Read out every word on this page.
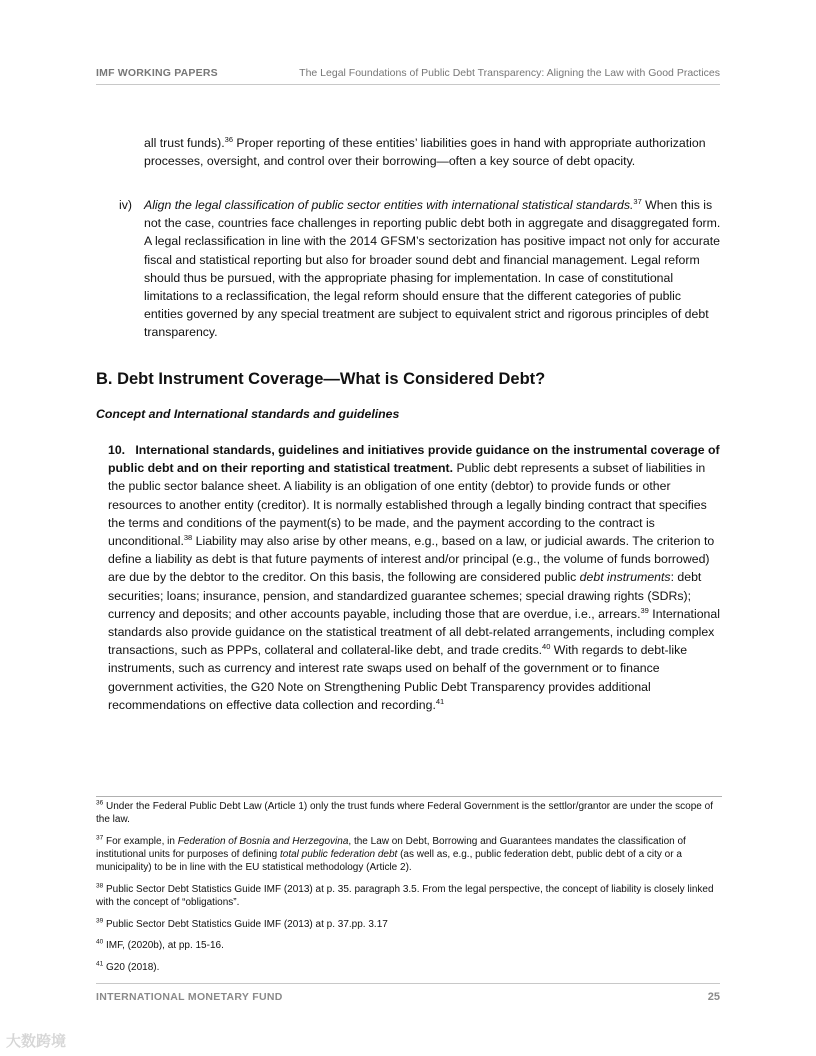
IMF WORKING PAPERS	The Legal Foundations of Public Debt Transparency: Aligning the Law with Good Practices
all trust funds).$^{36}$ Proper reporting of these entities’ liabilities goes in hand with appropriate authorization processes, oversight, and control over their borrowing—often a key source of debt opacity.
iv) Align the legal classification of public sector entities with international statistical standards.$^{37}$ When this is not the case, countries face challenges in reporting public debt both in aggregate and disaggregated form. A legal reclassification in line with the 2014 GFSM’s sectorization has positive impact not only for accurate fiscal and statistical reporting but also for broader sound debt and financial management. Legal reform should thus be pursued, with the appropriate phasing for implementation. In case of constitutional limitations to a reclassification, the legal reform should ensure that the different categories of public entities governed by any special treatment are subject to equivalent strict and rigorous principles of debt transparency.
B. Debt Instrument Coverage—What is Considered Debt?
Concept and International standards and guidelines
10. International standards, guidelines and initiatives provide guidance on the instrumental coverage of public debt and on their reporting and statistical treatment. Public debt represents a subset of liabilities in the public sector balance sheet. A liability is an obligation of one entity (debtor) to provide funds or other resources to another entity (creditor). It is normally established through a legally binding contract that specifies the terms and conditions of the payment(s) to be made, and the payment according to the contract is unconditional.$^{38}$ Liability may also arise by other means, e.g., based on a law, or judicial awards. The criterion to define a liability as debt is that future payments of interest and/or principal (e.g., the volume of funds borrowed) are due by the debtor to the creditor. On this basis, the following are considered public debt instruments: debt securities; loans; insurance, pension, and standardized guarantee schemes; special drawing rights (SDRs); currency and deposits; and other accounts payable, including those that are overdue, i.e., arrears.$^{39}$ International standards also provide guidance on the statistical treatment of all debt-related arrangements, including complex transactions, such as PPPs, collateral and collateral-like debt, and trade credits.$^{40}$ With regards to debt-like instruments, such as currency and interest rate swaps used on behalf of the government or to finance government activities, the G20 Note on Strengthening Public Debt Transparency provides additional recommendations on effective data collection and recording.$^{41}$

$^{36}$ Under the Federal Public Debt Law (Article 1) only the trust funds where Federal Government is the settlor/grantor are under the scope of the law.

$^{37}$ For example, in Federation of Bosnia and Herzegovina, the Law on Debt, Borrowing and Guarantees mandates the classification of institutional units for purposes of defining total public federation debt (as well as, e.g., public federation debt, public debt of a city or a municipality) to be in line with the EU statistical methodology (Article 2).

$^{38}$ Public Sector Debt Statistics Guide IMF (2013) at p. 35. paragraph 3.5. From the legal perspective, the concept of liability is closely linked with the concept of “obligations”.

$^{39}$ Public Sector Debt Statistics Guide IMF (2013) at p. 37.pp. 3.17

$^{40}$ IMF, (2020b), at pp. 15-16.

$^{41}$ G20 (2018).

INTERNATIONAL MONETARY FUND	25
大数跨境
